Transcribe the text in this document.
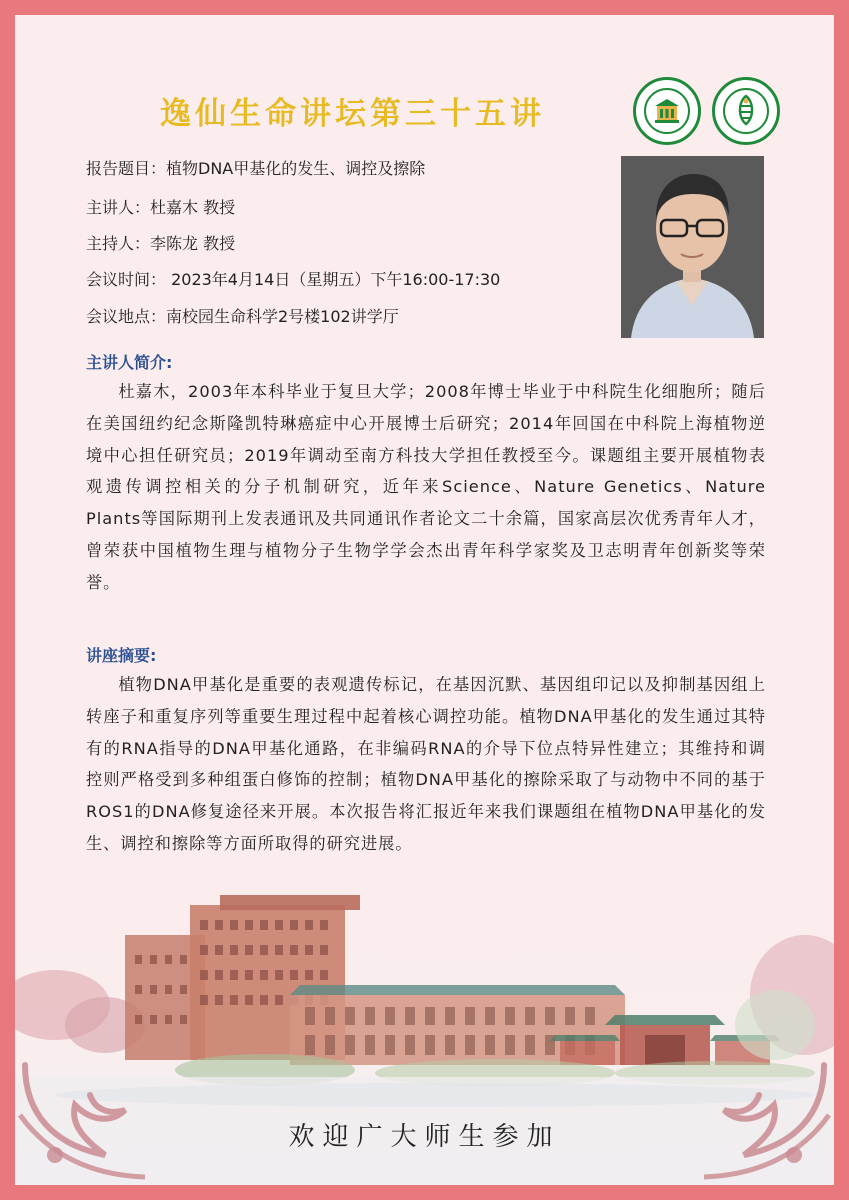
逸仙生命讲坛第三十五讲
报告题目：植物DNA甲基化的发生、调控及擦除
主讲人：杜嘉木 教授
主持人：李陈龙 教授
会议时间： 2023年4月14日（星期五）下午16:00-17:30
会议地点：南校园生命科学2号楼102讲学厅
主讲人简介:

杜嘉木，2003年本科毕业于复旦大学；2008年博士毕业于中科院生化细胞所；随后在美国纽约纪念斯隆凯特琳癌症中心开展博士后研究；2014年回国在中科院上海植物逆境中心担任研究员；2019年调动至南方科技大学担任教授至今。课题组主要开展植物表观遗传调控相关的分子机制研究，近年来Science、Nature Genetics、Nature Plants等国际期刊上发表通讯及共同通讯作者论文二十余篇，国家高层次优秀青年人才，曾荣获中国植物生理与植物分子生物学学会杰出青年科学家奖及卫志明青年创新奖等荣誉。

讲座摘要:

植物DNA甲基化是重要的表观遗传标记，在基因沉默、基因组印记以及抑制基因组上转座子和重复序列等重要生理过程中起着核心调控功能。植物DNA甲基化的发生通过其特有的RNA指导的DNA甲基化通路，在非编码RNA的介导下位点特异性建立；其维持和调控则严格受到多种组蛋白修饰的控制；植物DNA甲基化的擦除采取了与动物中不同的基于ROS1的DNA修复途径来开展。本次报告将汇报近年来我们课题组在植物DNA甲基化的发生、调控和擦除等方面所取得的研究进展。

欢迎广大师生参加
